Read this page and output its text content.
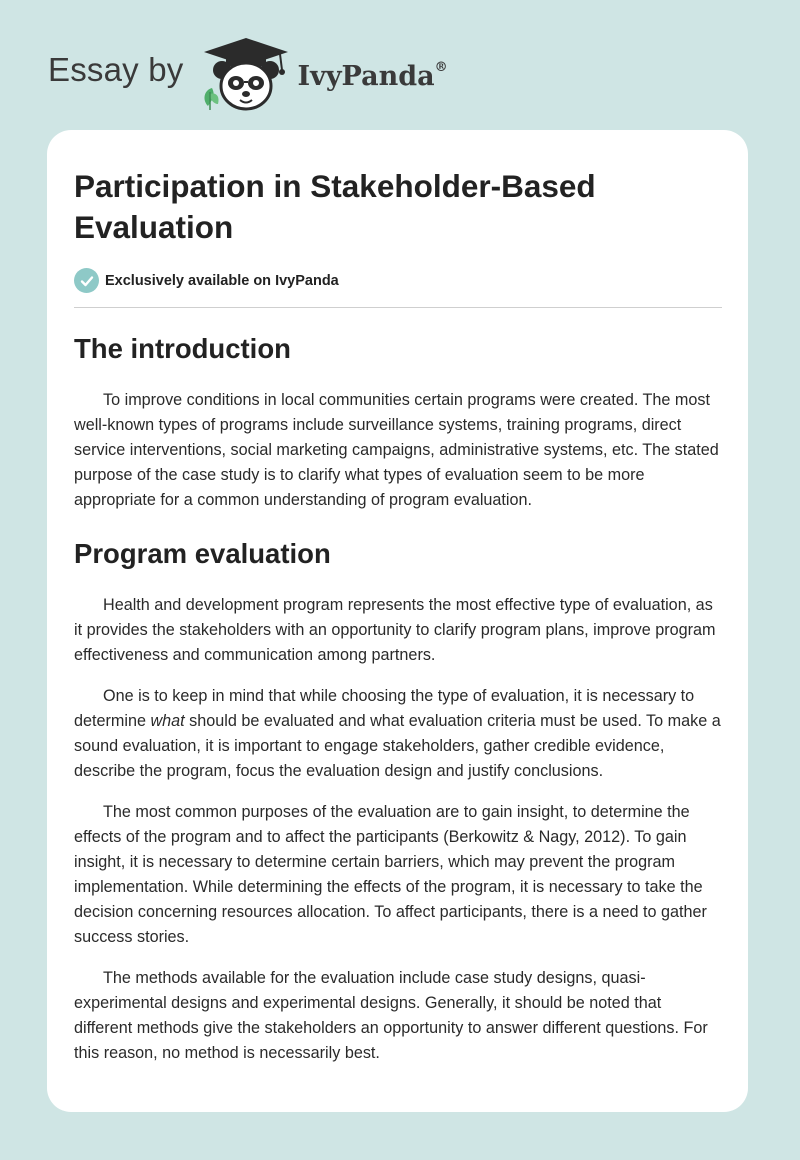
Essay by	IvyPanda®
Participation in Stakeholder-Based Evaluation
Exclusively available on IvyPanda
The introduction

To improve conditions in local communities certain programs were created. The most well-known types of programs include surveillance systems, training programs, direct service interventions, social marketing campaigns, administrative systems, etc. The stated purpose of the case study is to clarify what types of evaluation seem to be more appropriate for a common understanding of program evaluation.

Program evaluation

Health and development program represents the most effective type of evaluation, as it provides the stakeholders with an opportunity to clarify program plans, improve program effectiveness and communication among partners.

One is to keep in mind that while choosing the type of evaluation, it is necessary to determine what should be evaluated and what evaluation criteria must be used. To make a sound evaluation, it is important to engage stakeholders, gather credible evidence, describe the program, focus the evaluation design and justify conclusions.

The most common purposes of the evaluation are to gain insight, to determine the effects of the program and to affect the participants (Berkowitz & Nagy, 2012). To gain insight, it is necessary to determine certain barriers, which may prevent the program implementation. While determining the effects of the program, it is necessary to take the decision concerning resources allocation. To affect participants, there is a need to gather success stories.

The methods available for the evaluation include case study designs, quasi-experimental designs and experimental designs. Generally, it should be noted that different methods give the stakeholders an opportunity to answer different questions. For this reason, no method is necessarily best.
